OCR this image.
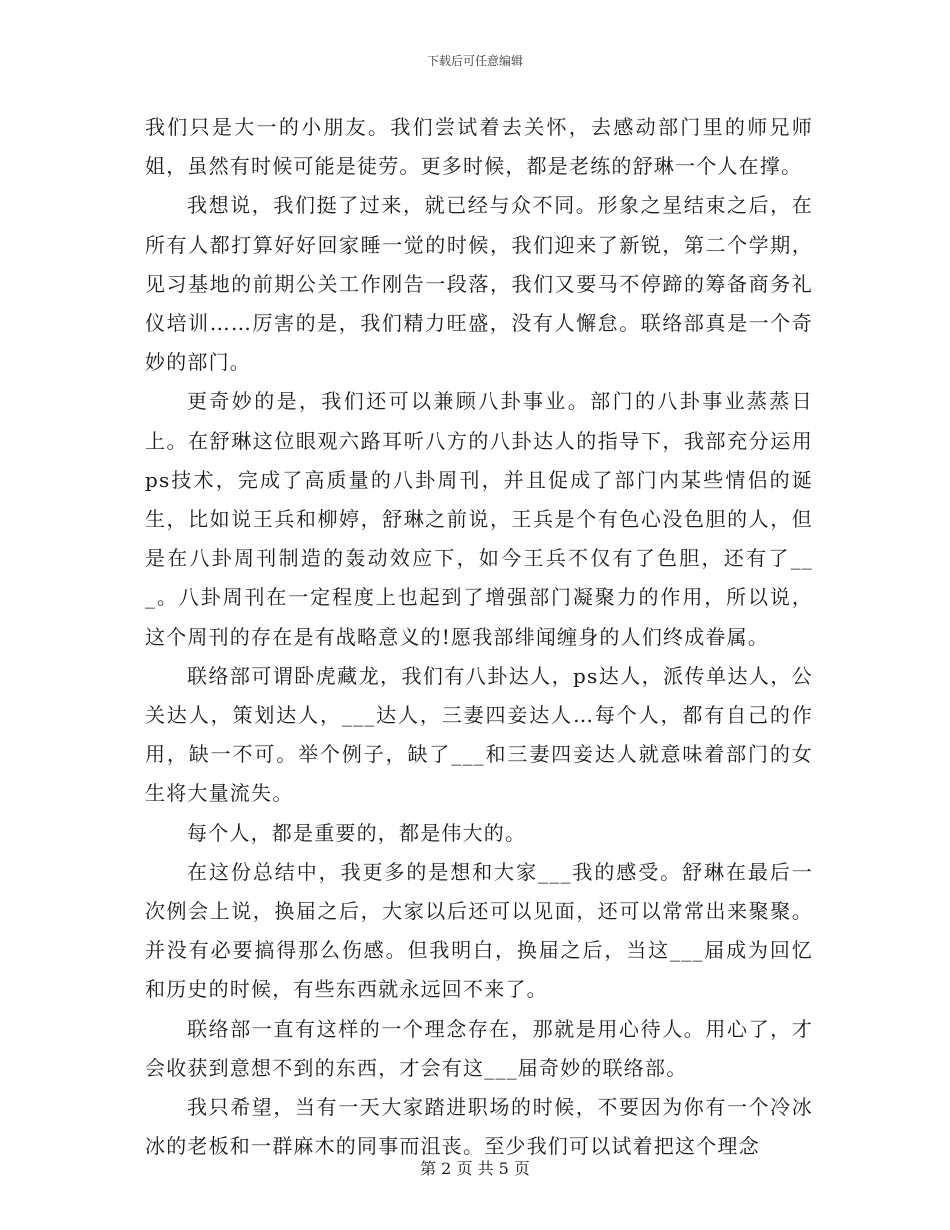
下载后可任意编辑

我们只是大一的小朋友。我们尝试着去关怀，去感动部门里的师兄师姐，虽然有时候可能是徒劳。更多时候，都是老练的舒琳一个人在撑。

我想说，我们挺了过来，就已经与众不同。形象之星结束之后，在所有人都打算好好回家睡一觉的时候，我们迎来了新锐，第二个学期，见习基地的前期公关工作刚告一段落，我们又要马不停蹄的筹备商务礼仪培训……厉害的是，我们精力旺盛，没有人懈怠。联络部真是一个奇妙的部门。

更奇妙的是，我们还可以兼顾八卦事业。部门的八卦事业蒸蒸日上。在舒琳这位眼观六路耳听八方的八卦达人的指导下，我部充分运用ps技术，完成了高质量的八卦周刊，并且促成了部门内某些情侣的诞生，比如说王兵和柳婷，舒琳之前说，王兵是个有色心没色胆的人，但是在八卦周刊制造的轰动效应下，如今王兵不仅有了色胆，还有了___。八卦周刊在一定程度上也起到了增强部门凝聚力的作用，所以说，这个周刊的存在是有战略意义的!愿我部绯闻缠身的人们终成眷属。

联络部可谓卧虎藏龙，我们有八卦达人，ps达人，派传单达人，公关达人，策划达人，___达人，三妻四妾达人…每个人，都有自己的作用，缺一不可。举个例子，缺了___和三妻四妾达人就意味着部门的女生将大量流失。

每个人，都是重要的，都是伟大的。

在这份总结中，我更多的是想和大家___我的感受。舒琳在最后一次例会上说，换届之后，大家以后还可以见面，还可以常常出来聚聚。并没有必要搞得那么伤感。但我明白，换届之后，当这___届成为回忆和历史的时候，有些东西就永远回不来了。

联络部一直有这样的一个理念存在，那就是用心待人。用心了，才会收获到意想不到的东西，才会有这___届奇妙的联络部。

我只希望，当有一天大家踏进职场的时候，不要因为你有一个冷冰冰的老板和一群麻木的同事而沮丧。至少我们可以试着把这个理念

第 2 页 共 5 页
